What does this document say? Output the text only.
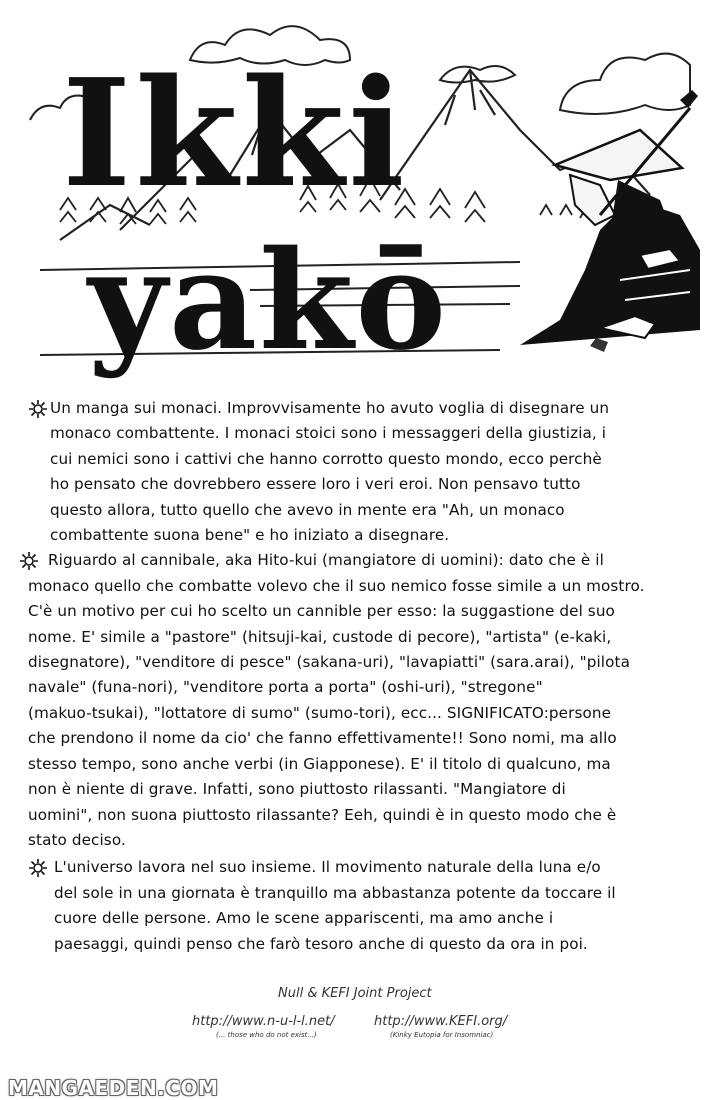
Ikki
yakō
Un manga sui monaci. Improvvisamente ho avuto voglia di disegnare un
monaco combattente. I monaci stoici sono i messaggeri della giustizia, i
cui nemici sono i cattivi che hanno corrotto questo mondo, ecco perchè
ho pensato che dovrebbero essere loro i veri eroi. Non pensavo tutto
questo allora, tutto quello che avevo in mente era "Ah, un monaco
combattente suona bene" e ho iniziato a disegnare.
Riguardo al cannibale, aka Hito-kui (mangiatore di uomini): dato che è il
monaco quello che combatte volevo che il suo nemico fosse simile a un mostro.
C'è un motivo per cui ho scelto un cannible per esso: la suggastione del suo
nome. E' simile a "pastore" (hitsuji-kai, custode di pecore), "artista" (e-kaki,
disegnatore), "venditore di pesce" (sakana-uri), "lavapiatti" (sara.arai), "pilota
navale" (funa-nori), "venditore porta a porta" (oshi-uri), "stregone"
(makuo-tsukai), "lottatore di sumo" (sumo-tori), ecc... SIGNIFICATO:persone
che prendono il nome da cio' che fanno effettivamente!! Sono nomi, ma allo
stesso tempo, sono anche verbi (in Giapponese). E' il titolo di qualcuno, ma
non è niente di grave. Infatti, sono piuttosto rilassanti. "Mangiatore di
uomini", non suona piuttosto rilassante? Eeh, quindi è in questo modo che è
stato deciso.
L'universo lavora nel suo insieme. Il movimento naturale della luna e/o
del sole in una giornata è tranquillo ma abbastanza potente da toccare il
cuore delle persone. Amo le scene appariscenti, ma amo anche i
paesaggi, quindi penso che farò tesoro anche di questo da ora in poi.
Null & KEFI Joint Project
http://www.n-u-l-l.net/	http://www.KEFI.org/
(... those who do not exist...)	(Kinky Eutopia for Insomniac)
MANGAEDEN.COM
